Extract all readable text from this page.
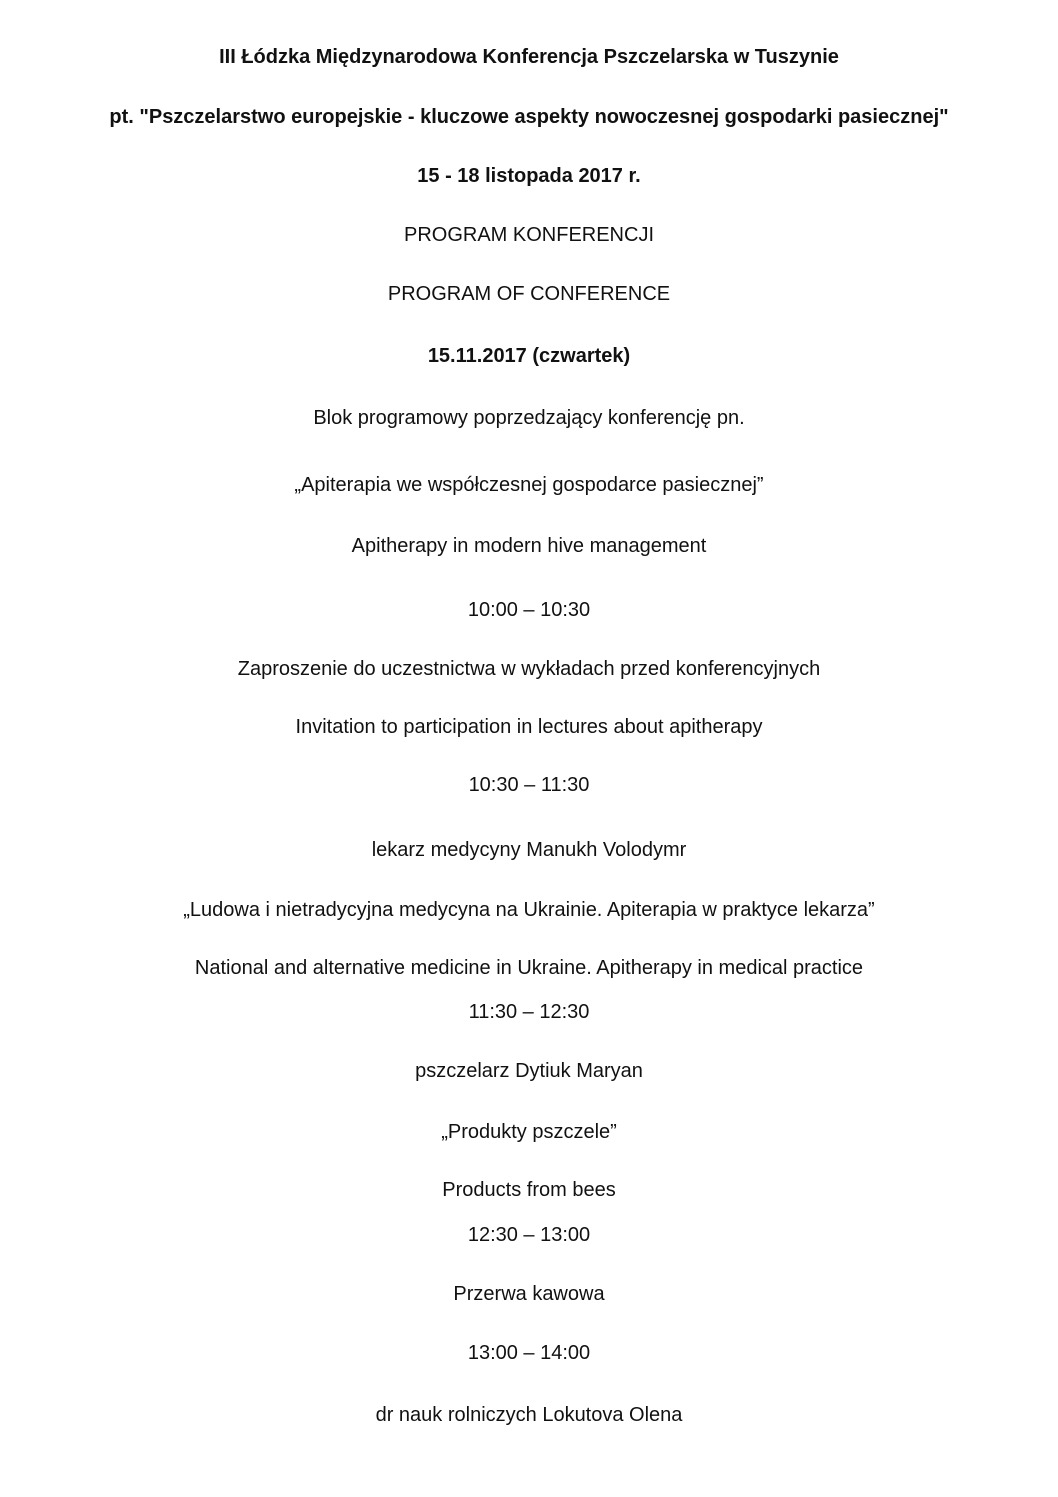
III Łódzka Międzynarodowa Konferencja Pszczelarska w Tuszynie
pt. "Pszczelarstwo europejskie - kluczowe aspekty nowoczesnej gospodarki pasiecznej"
15 - 18 listopada 2017 r.
PROGRAM KONFERENCJI
PROGRAM OF CONFERENCE
15.11.2017 (czwartek)
Blok programowy poprzedzający konferencję pn.
„Apiterapia we współczesnej gospodarce pasiecznej”
Apitherapy in modern hive management
10:00 – 10:30
Zaproszenie do uczestnictwa w wykładach przed konferencyjnych
Invitation to participation in lectures about apitherapy
10:30 – 11:30
lekarz medycyny Manukh Volodymr
„Ludowa i nietradycyjna medycyna na Ukrainie. Apiterapia w praktyce lekarza”
National and alternative medicine in Ukraine. Apitherapy in medical practice
11:30 – 12:30
pszczelarz Dytiuk Maryan
„Produkty pszczele”
Products from bees
12:30 – 13:00
Przerwa kawowa
13:00 – 14:00
dr nauk rolniczych Lokutova Olena
